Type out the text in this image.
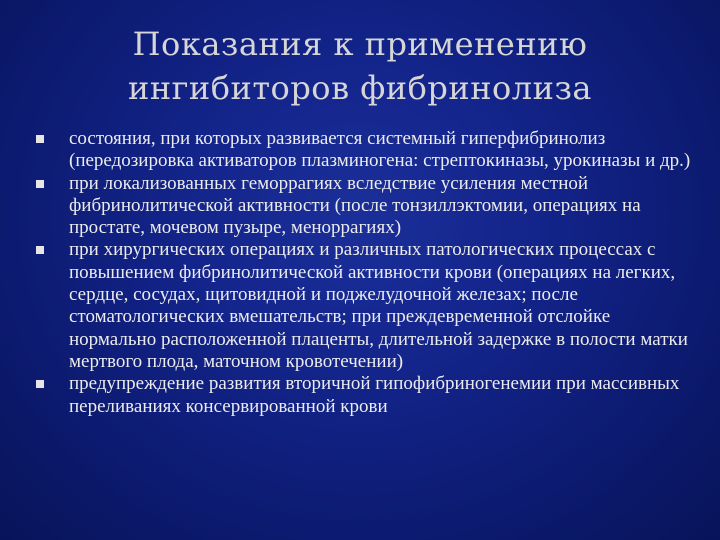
Показания к применению
ингибиторов фибринолиза
состояния, при которых развивается системный гиперфибринолиз (передозировка активаторов плазминогена: стрептокиназы, урокиназы и др.)
при локализованных геморрагиях вследствие усиления местной фибринолитической активности (после тонзиллэктомии, операциях на простате, мочевом пузыре, меноррагиях)
при хирургических операциях и различных патологических процессах с повышением фибринолитической активности крови (операциях на легких, сердце, сосудах, щитовидной и поджелудочной железах; после стоматологических вмешательств; при преждевременной отслойке нормально расположенной плаценты, длительной задержке в полости матки мертвого плода, маточном кровотечении)
предупреждение развития вторичной гипофибриногенемии при массивных переливаниях консервированной крови
